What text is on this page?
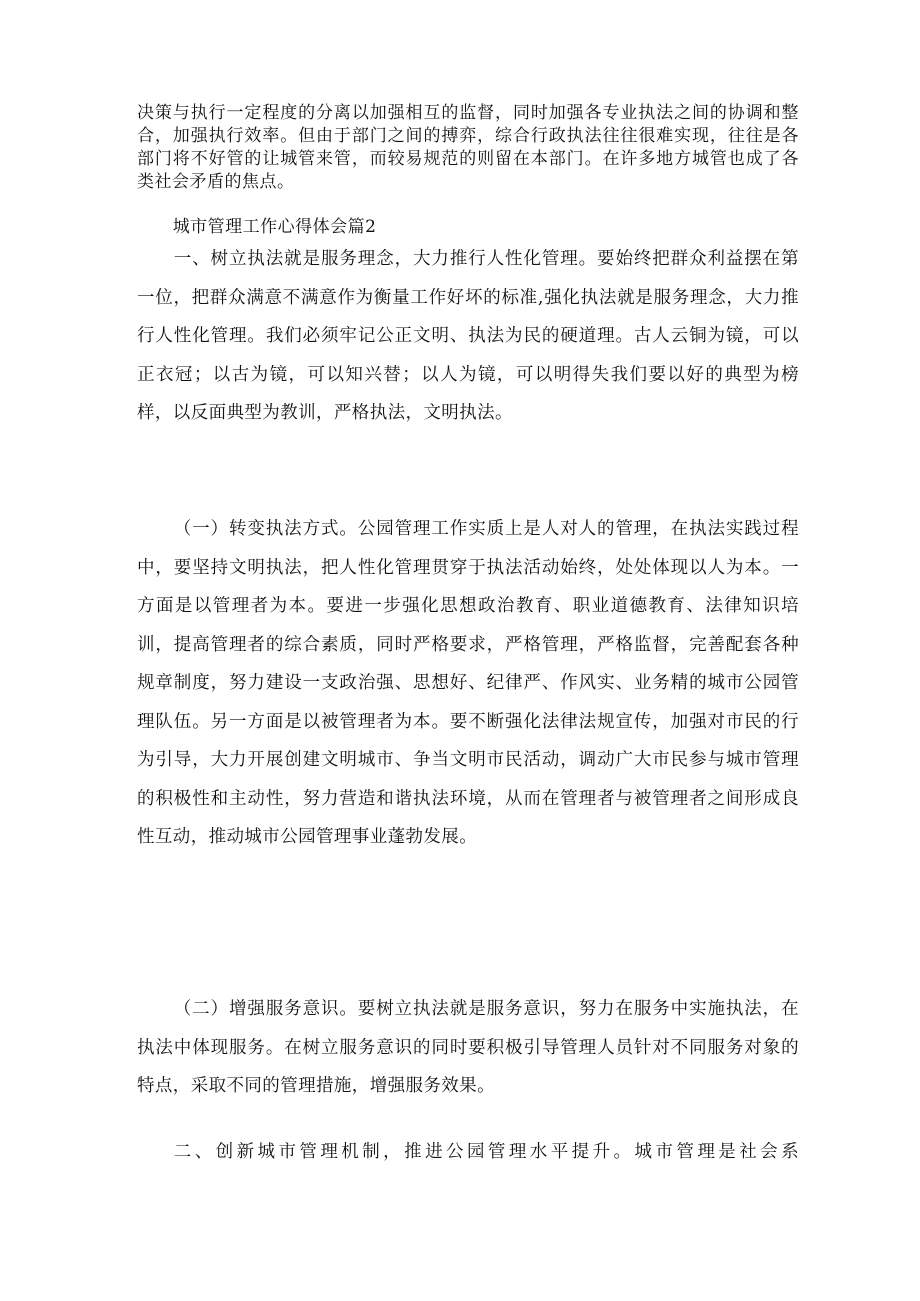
决策与执行一定程度的分离以加强相互的监督，同时加强各专业执法之间的协调和整合，加强执行效率。但由于部门之间的搏弈，综合行政执法往往很难实现，往往是各部门将不好管的让城管来管，而较易规范的则留在本部门。在许多地方城管也成了各类社会矛盾的焦点。

城市管理工作心得体会篇2

一、树立执法就是服务理念，大力推行人性化管理。要始终把群众利益摆在第一位，把群众满意不满意作为衡量工作好坏的标准,强化执法就是服务理念，大力推行人性化管理。我们必须牢记公正文明、执法为民的硬道理。古人云铜为镜，可以正衣冠；以古为镜，可以知兴替；以人为镜，可以明得失我们要以好的典型为榜样，以反面典型为教训，严格执法，文明执法。

（一）转变执法方式。公园管理工作实质上是人对人的管理，在执法实践过程中，要坚持文明执法，把人性化管理贯穿于执法活动始终，处处体现以人为本。一方面是以管理者为本。要进一步强化思想政治教育、职业道德教育、法律知识培训，提高管理者的综合素质，同时严格要求，严格管理，严格监督，完善配套各种规章制度，努力建设一支政治强、思想好、纪律严、作风实、业务精的城市公园管理队伍。另一方面是以被管理者为本。要不断强化法律法规宣传，加强对市民的行为引导，大力开展创建文明城市、争当文明市民活动，调动广大市民参与城市管理的积极性和主动性，努力营造和谐执法环境，从而在管理者与被管理者之间形成良性互动，推动城市公园管理事业蓬勃发展。

（二）增强服务意识。要树立执法就是服务意识，努力在服务中实施执法，在执法中体现服务。在树立服务意识的同时要积极引导管理人员针对不同服务对象的特点，采取不同的管理措施，增强服务效果。

二、创新城市管理机制，推进公园管理水平提升。城市管理是社会系
